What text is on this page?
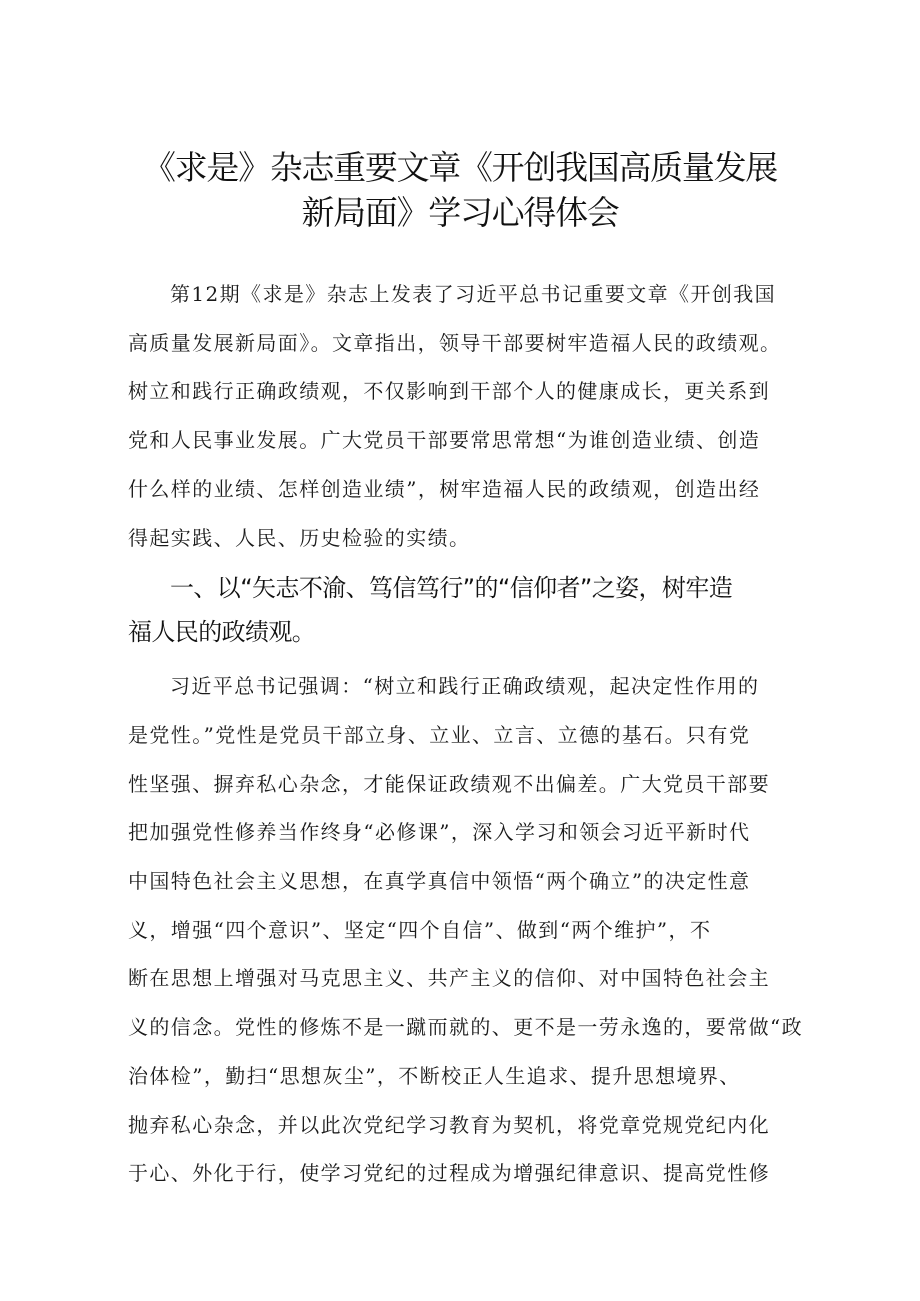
《求是》杂志重要文章《开创我国高质量发展
新局面》学习心得体会
第12期《求是》杂志上发表了习近平总书记重要文章《开创我国
高质量发展新局面》。文章指出，领导干部要树牢造福人民的政绩观。
树立和践行正确政绩观，不仅影响到干部个人的健康成长，更关系到
党和人民事业发展。广大党员干部要常思常想“为谁创造业绩、创造
什么样的业绩、怎样创造业绩”，树牢造福人民的政绩观，创造出经
得起实践、人民、历史检验的实绩。
一、以“矢志不渝、笃信笃行”的“信仰者”之姿，树牢造
福人民的政绩观。
习近平总书记强调：“树立和践行正确政绩观，起决定性作用的
是党性。”党性是党员干部立身、立业、立言、立德的基石。只有党
性坚强、摒弃私心杂念，才能保证政绩观不出偏差。广大党员干部要
把加强党性修养当作终身“必修课”，深入学习和领会习近平新时代
中国特色社会主义思想，在真学真信中领悟“两个确立”的决定性意
义，增强“四个意识”、坚定“四个自信”、做到“两个维护”，不
断在思想上增强对马克思主义、共产主义的信仰、对中国特色社会主
义的信念。党性的修炼不是一蹴而就的、更不是一劳永逸的，要常做“政
治体检”，勤扫“思想灰尘”，不断校正人生追求、提升思想境界、
抛弃私心杂念，并以此次党纪学习教育为契机，将党章党规党纪内化
于心、外化于行，使学习党纪的过程成为增强纪律意识、提高党性修
